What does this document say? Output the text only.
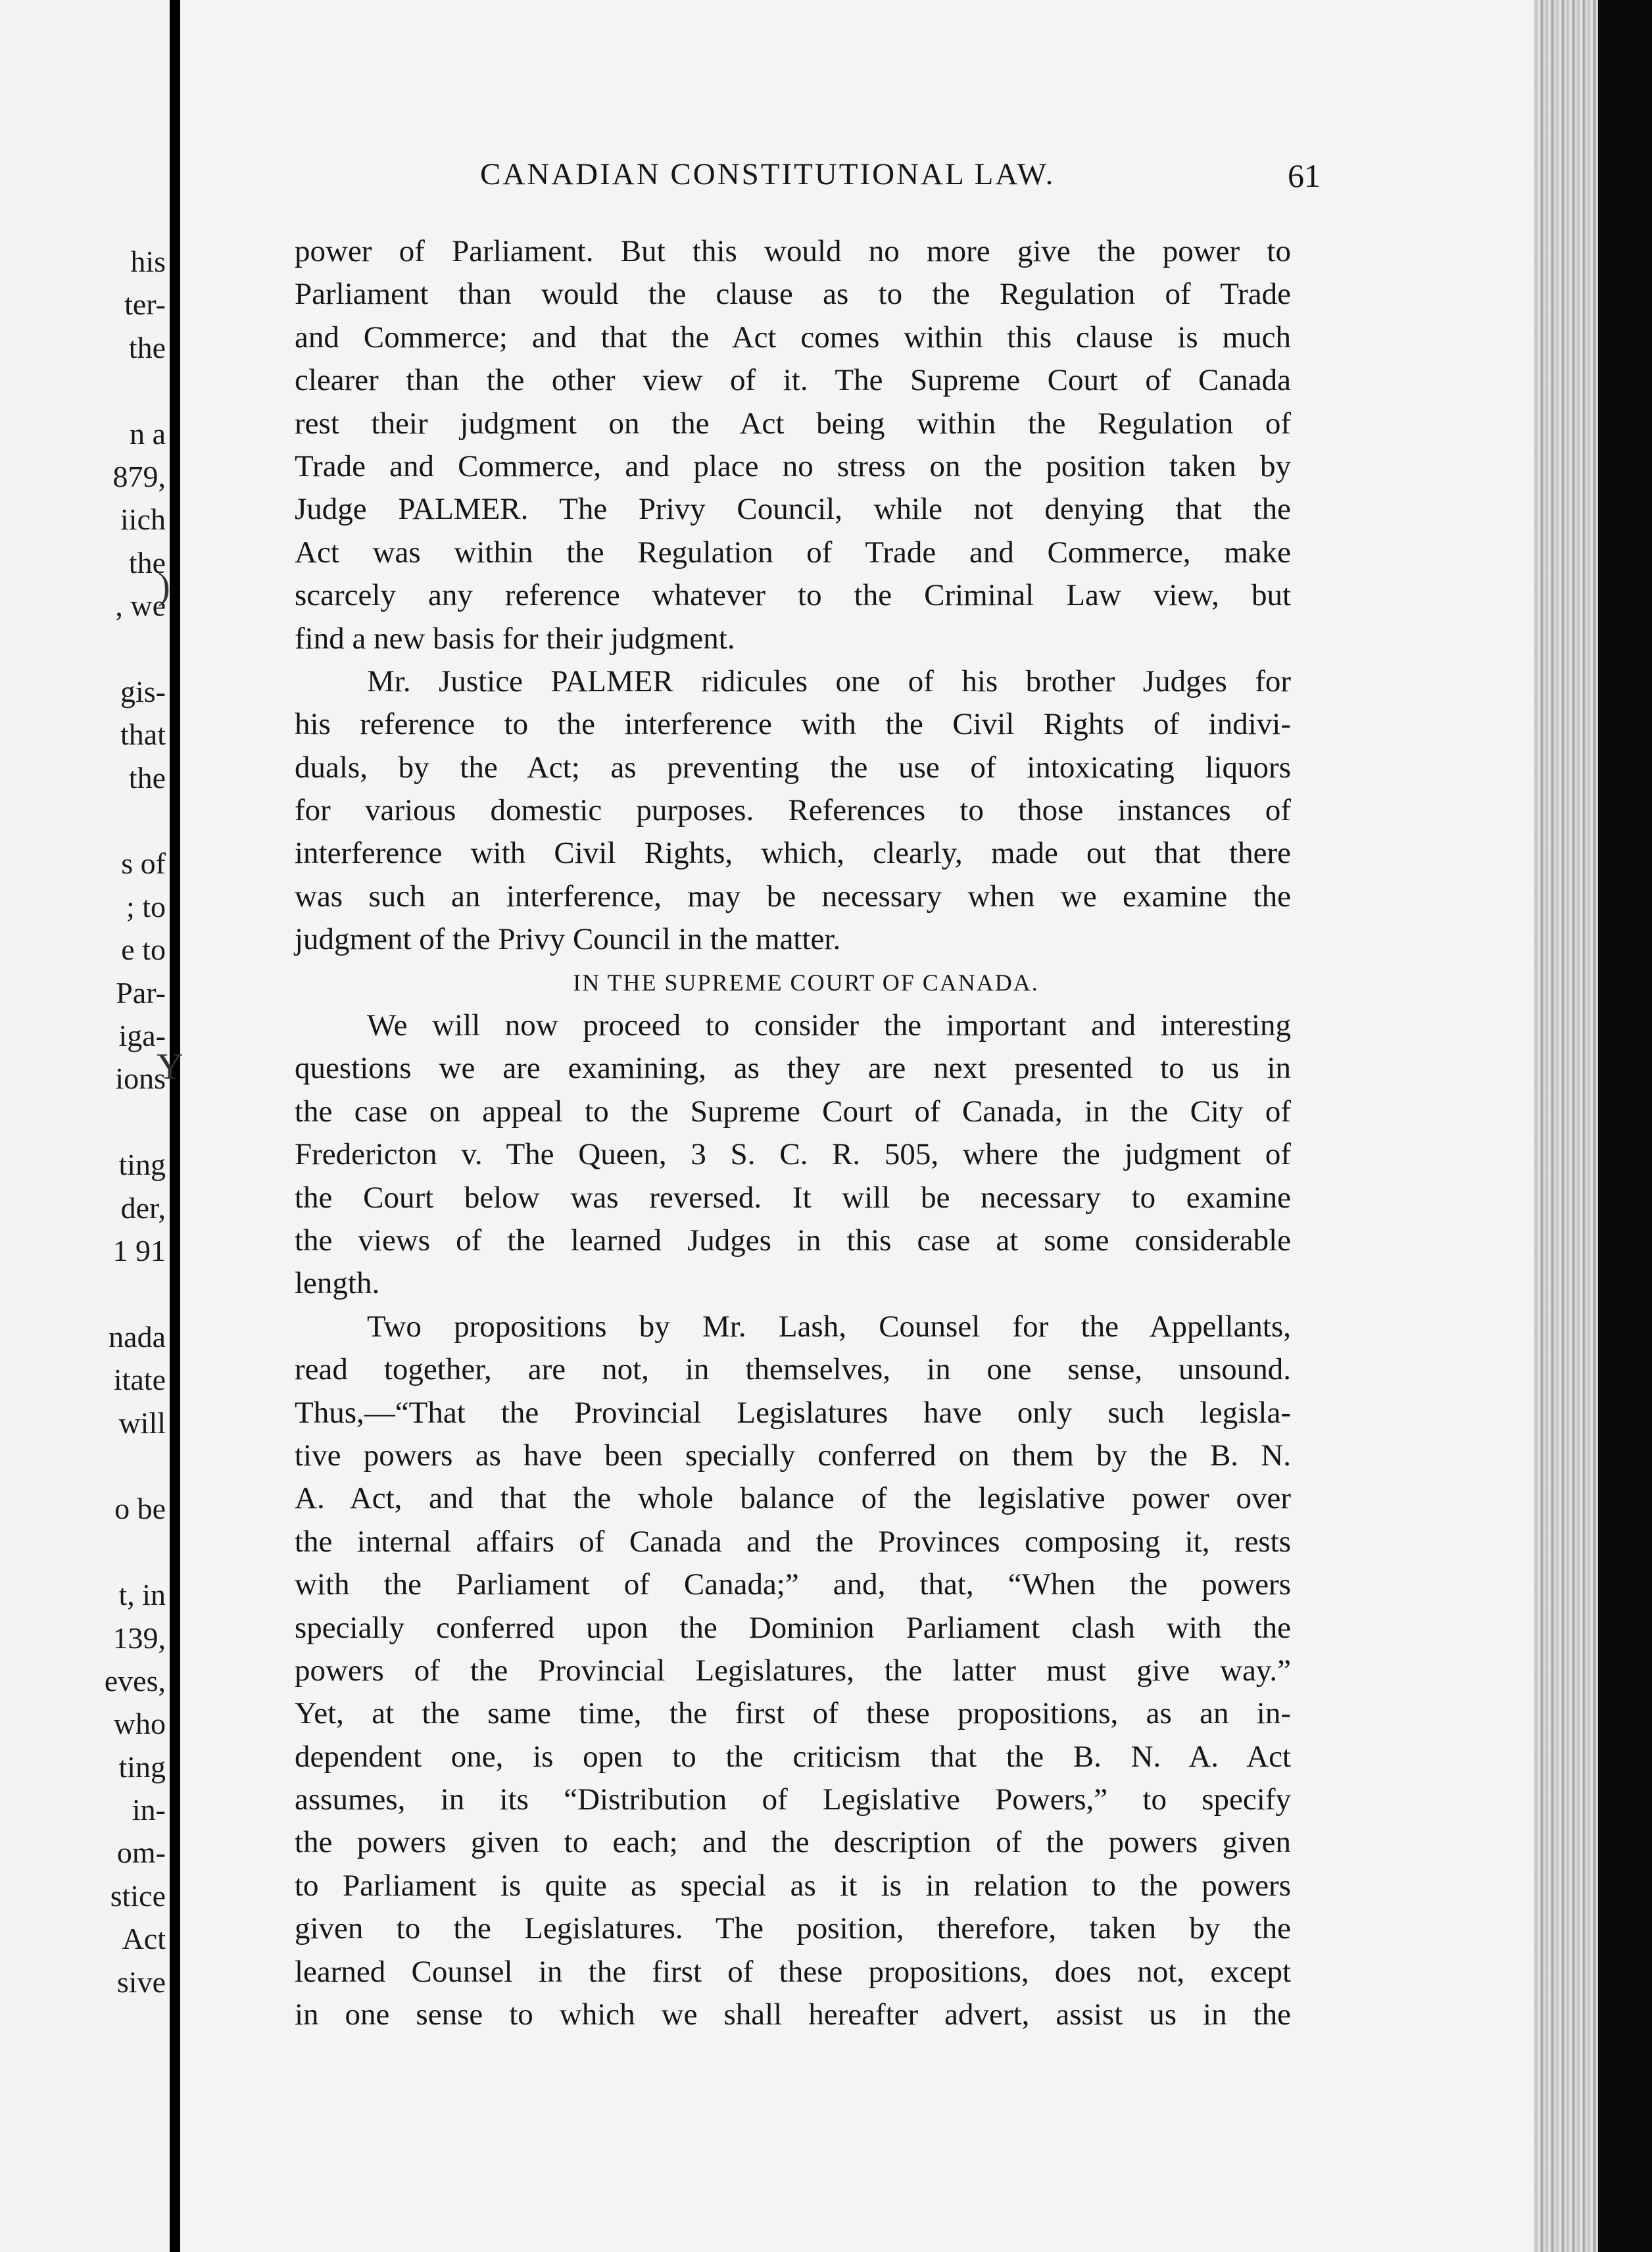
his
ter-
the
n a
879,
iich
the
, we
gis-
that
the
s of
; to
e to
Par-
iga-
ions
ting
der,
1 91
nada
itate
will
o be
t, in
139,
eves,
who
ting
in-
om-
stice
Act
sive
)
Y
CANADIAN CONSTITUTIONAL LAW.	61
power of Parliament. But this would no more give the power to
Parliament than would the clause as to the Regulation of Trade
and Commerce; and that the Act comes within this clause is much
clearer than the other view of it. The Supreme Court of Canada
rest their judgment on the Act being within the Regulation of
Trade and Commerce, and place no stress on the position taken by
Judge PALMER. The Privy Council, while not denying that the
Act was within the Regulation of Trade and Commerce, make
scarcely any reference whatever to the Criminal Law view, but
find a new basis for their judgment.
Mr. Justice PALMER ridicules one of his brother Judges for
his reference to the interference with the Civil Rights of indivi-
duals, by the Act; as preventing the use of intoxicating liquors
for various domestic purposes. References to those instances of
interference with Civil Rights, which, clearly, made out that there
was such an interference, may be necessary when we examine the
judgment of the Privy Council in the matter.
IN THE SUPREME COURT OF CANADA.
We will now proceed to consider the important and interesting
questions we are examining, as they are next presented to us in
the case on appeal to the Supreme Court of Canada, in the City of
Fredericton v. The Queen, 3 S. C. R. 505, where the judgment of
the Court below was reversed. It will be necessary to examine
the views of the learned Judges in this case at some considerable
length.
Two propositions by Mr. Lash, Counsel for the Appellants,
read together, are not, in themselves, in one sense, unsound.
Thus,—“That the Provincial Legislatures have only such legisla-
tive powers as have been specially conferred on them by the B. N.
A. Act, and that the whole balance of the legislative power over
the internal affairs of Canada and the Provinces composing it, rests
with the Parliament of Canada;” and, that, “When the powers
specially conferred upon the Dominion Parliament clash with the
powers of the Provincial Legislatures, the latter must give way.”
Yet, at the same time, the first of these propositions, as an in-
dependent one, is open to the criticism that the B. N. A. Act
assumes, in its “Distribution of Legislative Powers,” to specify
the powers given to each; and the description of the powers given
to Parliament is quite as special as it is in relation to the powers
given to the Legislatures. The position, therefore, taken by the
learned Counsel in the first of these propositions, does not, except
in one sense to which we shall hereafter advert, assist us in the
